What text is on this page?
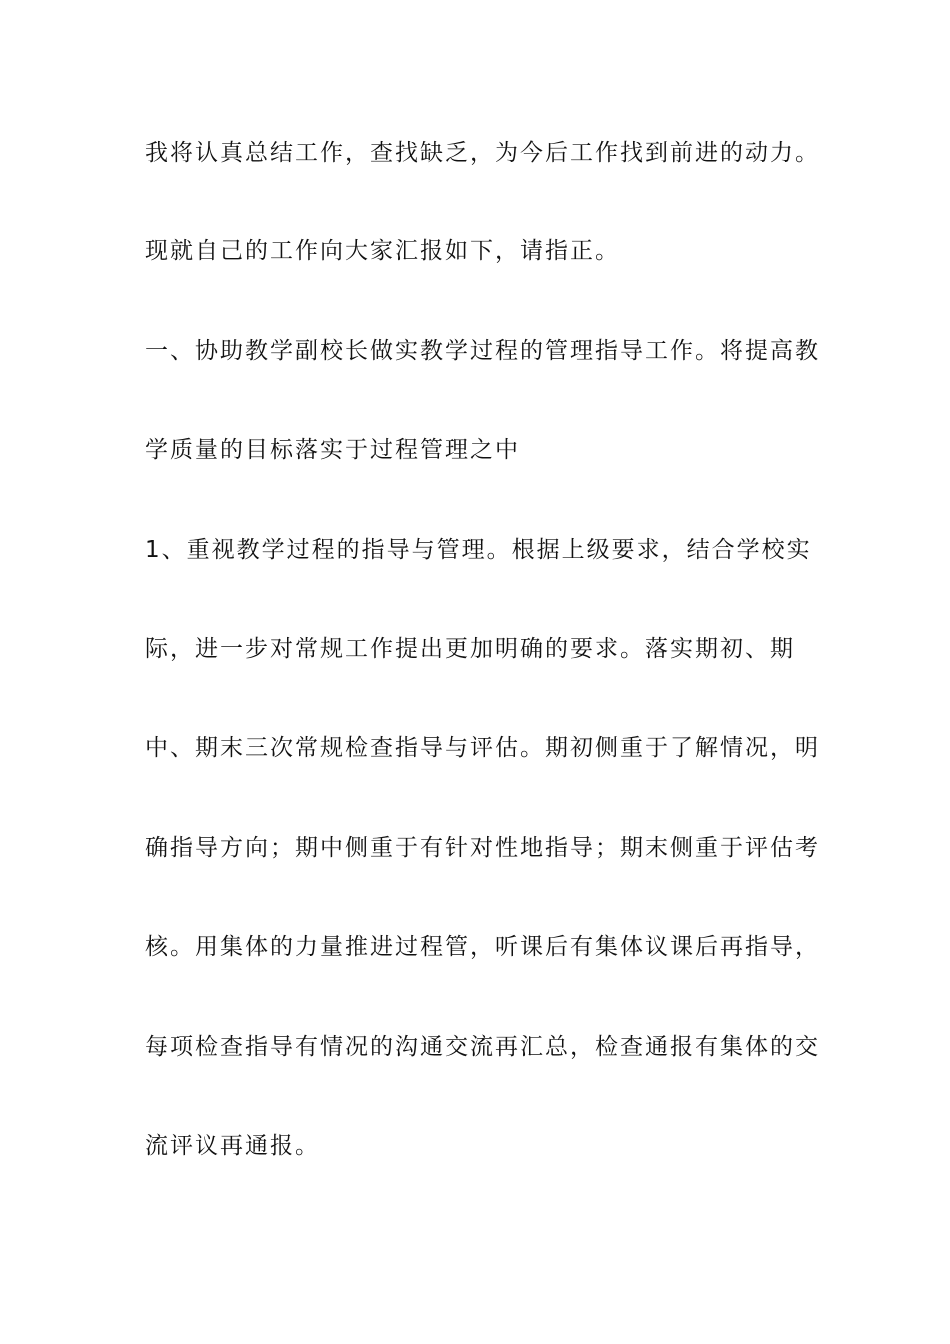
我将认真总结工作，查找缺乏，为今后工作找到前进的动力。

现就自己的工作向大家汇报如下，请指正。

一、协助教学副校长做实教学过程的管理指导工作。将提高教

学质量的目标落实于过程管理之中

1、重视教学过程的指导与管理。根据上级要求，结合学校实

际，进一步对常规工作提出更加明确的要求。落实期初、期

中、期末三次常规检查指导与评估。期初侧重于了解情况，明

确指导方向；期中侧重于有针对性地指导；期末侧重于评估考

核。用集体的力量推进过程管，听课后有集体议课后再指导，

每项检查指导有情况的沟通交流再汇总，检查通报有集体的交

流评议再通报。
